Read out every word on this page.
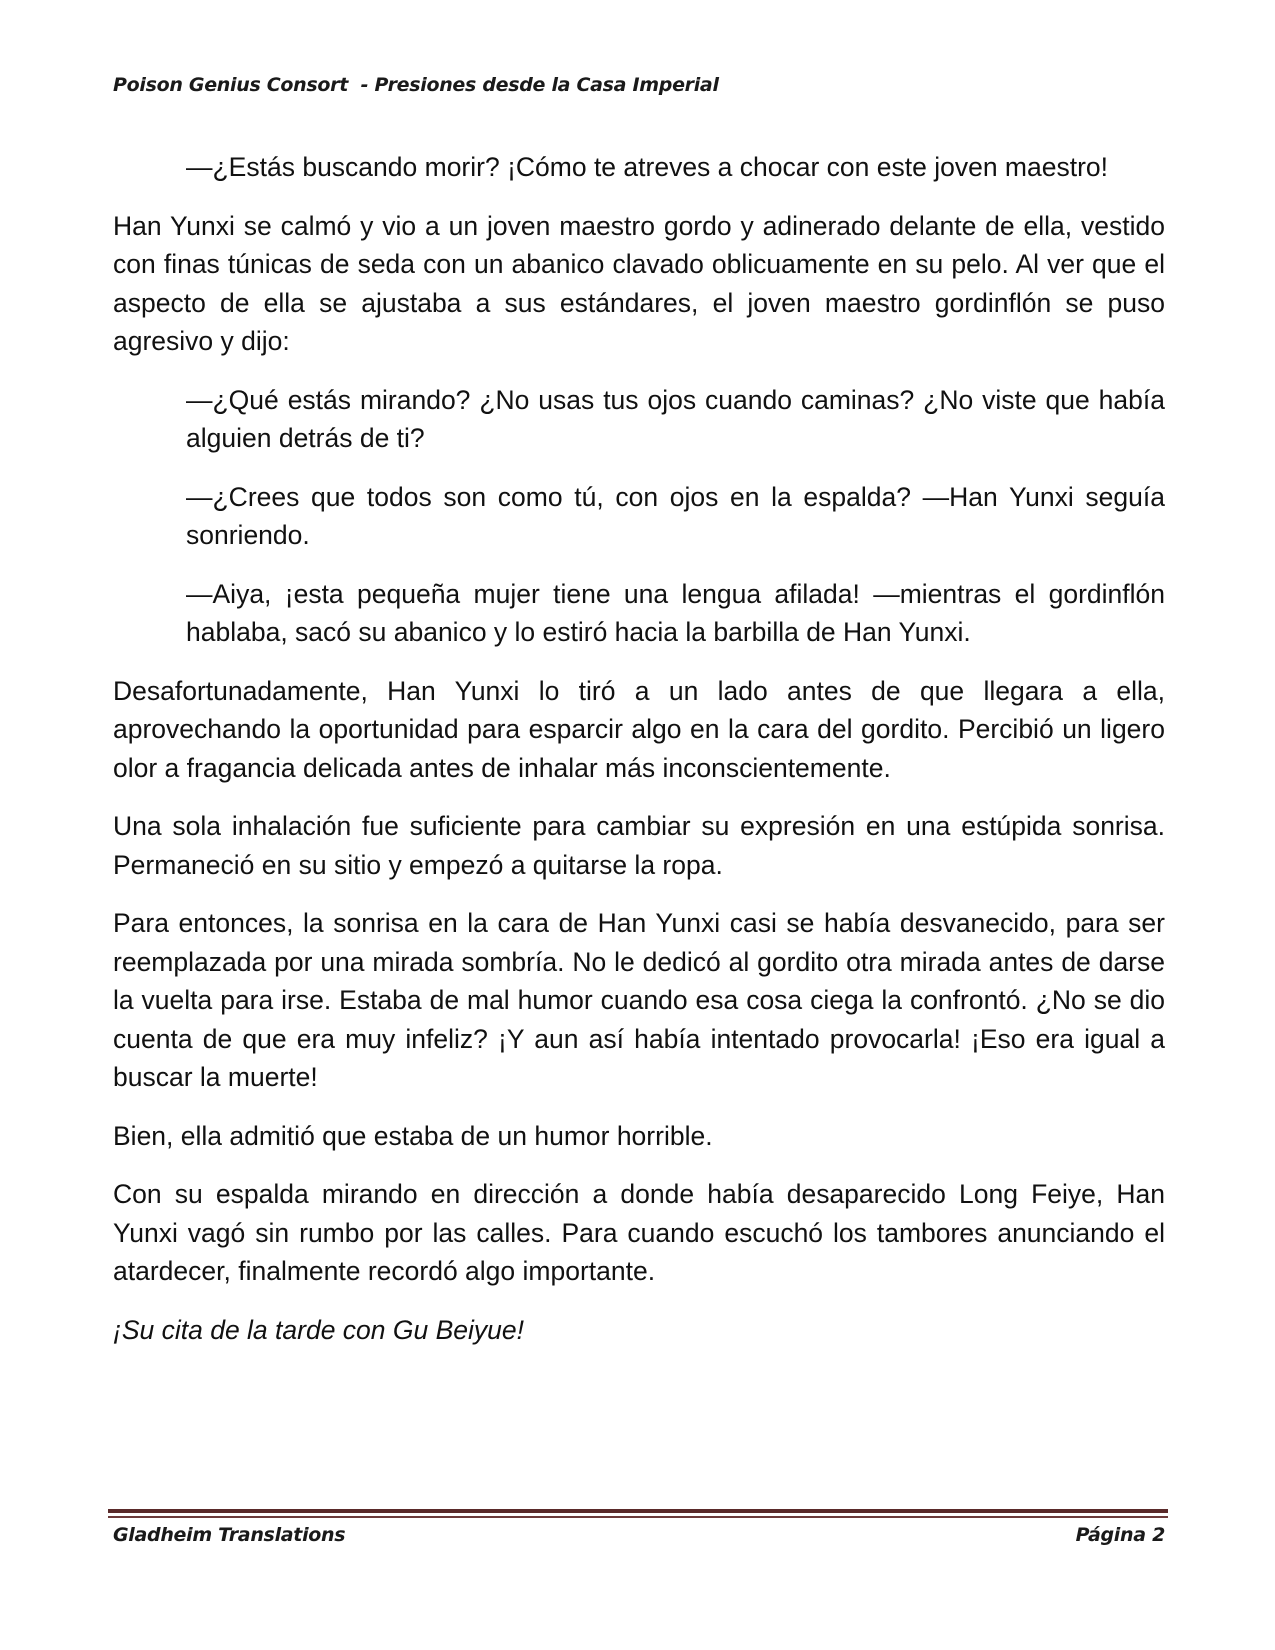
Poison Genius Consort  - Presiones desde la Casa Imperial

—¿Estás buscando morir? ¡Cómo te atreves a chocar con este joven maestro!

Han Yunxi se calmó y vio a un joven maestro gordo y adinerado delante de ella, vestido con finas túnicas de seda con un abanico clavado oblicuamente en su pelo. Al ver que el aspecto de ella se ajustaba a sus estándares, el joven maestro gordinflón se puso agresivo y dijo:

—¿Qué estás mirando? ¿No usas tus ojos cuando caminas? ¿No viste que había alguien detrás de ti?

—¿Crees que todos son como tú, con ojos en la espalda? —Han Yunxi seguía sonriendo.

—Aiya, ¡esta pequeña mujer tiene una lengua afilada! —mientras el gordinflón hablaba, sacó su abanico y lo estiró hacia la barbilla de Han Yunxi.

Desafortunadamente, Han Yunxi lo tiró a un lado antes de que llegara a ella, aprovechando la oportunidad para esparcir algo en la cara del gordito. Percibió un ligero olor a fragancia delicada antes de inhalar más inconscientemente.

Una sola inhalación fue suficiente para cambiar su expresión en una estúpida sonrisa. Permaneció en su sitio y empezó a quitarse la ropa.

Para entonces, la sonrisa en la cara de Han Yunxi casi se había desvanecido, para ser reemplazada por una mirada sombría. No le dedicó al gordito otra mirada antes de darse la vuelta para irse. Estaba de mal humor cuando esa cosa ciega la confrontó. ¿No se dio cuenta de que era muy infeliz? ¡Y aun así había intentado provocarla! ¡Eso era igual a buscar la muerte!

Bien, ella admitió que estaba de un humor horrible.

Con su espalda mirando en dirección a donde había desaparecido Long Feiye, Han Yunxi vagó sin rumbo por las calles. Para cuando escuchó los tambores anunciando el atardecer, finalmente recordó algo importante.

¡Su cita de la tarde con Gu Beiyue!

Gladheim Translations	Página 2
